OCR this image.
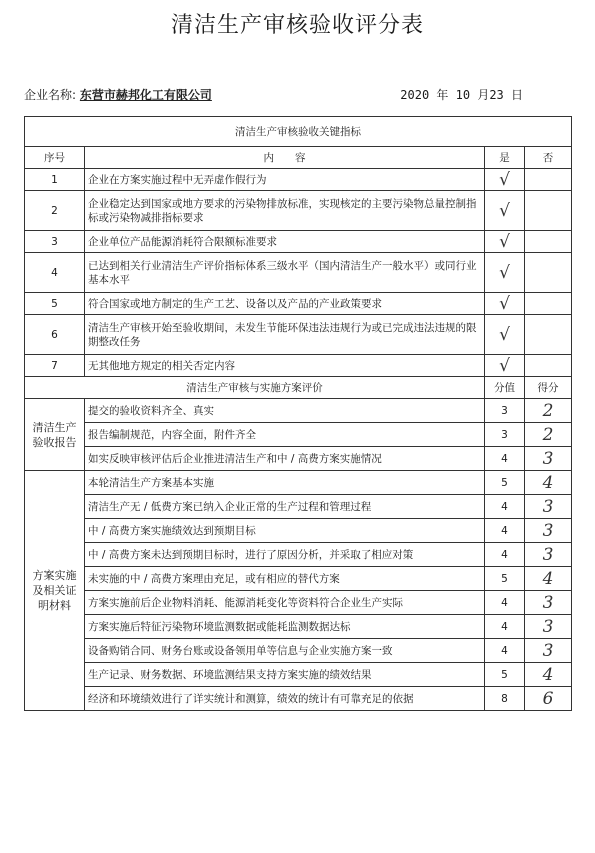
清洁生产审核验收评分表
企业名称: 东营市赫邦化工有限公司	2020 年 10 月23 日
清洁生产审核验收关键指标			
序号	内　　容	是	否
1	企业在方案实施过程中无弄虚作假行为	√	
2	企业稳定达到国家或地方要求的污染物排放标准，实现核定的主要污染物总量控制指标或污染物减排指标要求	√	
3	企业单位产品能源消耗符合限额标准要求	√	
4	已达到相关行业清洁生产评价指标体系三级水平（国内清洁生产一般水平）或同行业基本水平	√	
5	符合国家或地方制定的生产工艺、设备以及产品的产业政策要求	√	
6	清洁生产审核开始至验收期间，未发生节能环保违法违规行为或已完成违法违规的限期整改任务	√	
7	无其他地方规定的相关否定内容	√	
清洁生产审核与实施方案评价		分值	得分
清洁生产验收报告	提交的验收资料齐全、真实	3	2
	报告编制规范，内容全面，附件齐全	3	2
	如实反映审核评估后企业推进清洁生产和中 / 高费方案实施情况	4	3
方案实施及相关证明材料	本轮清洁生产方案基本实施	5	4
	清洁生产无 / 低费方案已纳入企业正常的生产过程和管理过程	4	3
	中 / 高费方案实施绩效达到预期目标	4	3
	中 / 高费方案未达到预期目标时，进行了原因分析，并采取了相应对策	4	3
	未实施的中 / 高费方案理由充足，或有相应的替代方案	5	4
	方案实施前后企业物料消耗、能源消耗变化等资料符合企业生产实际	4	3
	方案实施后特征污染物环境监测数据或能耗监测数据达标	4	3
	设备购销合同、财务台账或设备领用单等信息与企业实施方案一致	4	3
	生产记录、财务数据、环境监测结果支持方案实施的绩效结果	5	4
	经济和环境绩效进行了详实统计和测算，绩效的统计有可靠充足的依据	8	6
